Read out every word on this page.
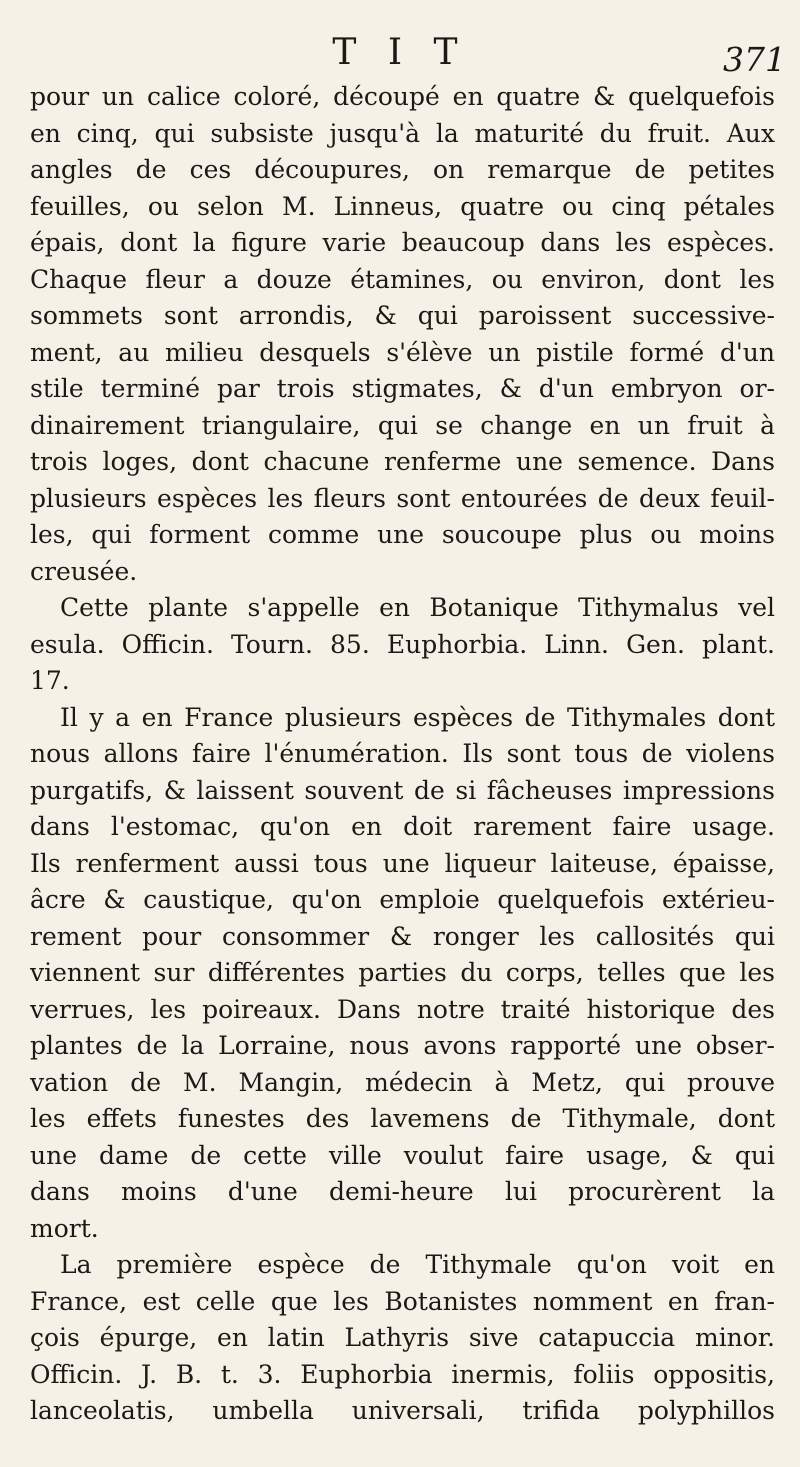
T I T	371
pour un calice coloré, découpé en quatre & quelquefois
en cinq, qui subsiste jusqu'à la maturité du fruit. Aux
angles de ces découpures, on remarque de petites
feuilles, ou selon M. Linneus, quatre ou cinq pétales
épais, dont la figure varie beaucoup dans les espèces.
Chaque fleur a douze étamines, ou environ, dont les
sommets sont arrondis, & qui paroissent successive-
ment, au milieu desquels s'élève un pistile formé d'un
stile terminé par trois stigmates, & d'un embryon or-
dinairement triangulaire, qui se change en un fruit à
trois loges, dont chacune renferme une semence. Dans
plusieurs espèces les fleurs sont entourées de deux feuil-
les, qui forment comme une soucoupe plus ou moins
creusée.
Cette plante s'appelle en Botanique Tithymalus vel
esula. Officin. Tourn. 85. Euphorbia. Linn. Gen. plant.
17.
Il y a en France plusieurs espèces de Tithymales dont
nous allons faire l'énumération. Ils sont tous de violens
purgatifs, & laissent souvent de si fâcheuses impressions
dans l'estomac, qu'on en doit rarement faire usage.
Ils renferment aussi tous une liqueur laiteuse, épaisse,
âcre & caustique, qu'on emploie quelquefois extérieu-
rement pour consommer & ronger les callosités qui
viennent sur différentes parties du corps, telles que les
verrues, les poireaux. Dans notre traité historique des
plantes de la Lorraine, nous avons rapporté une obser-
vation de M. Mangin, médecin à Metz, qui prouve
les effets funestes des lavemens de Tithymale, dont
une dame de cette ville voulut faire usage, & qui
dans moins d'une demi-heure lui procurèrent la
mort.
La première espèce de Tithymale qu'on voit en
France, est celle que les Botanistes nomment en fran-
çois épurge, en latin Lathyris sive catapuccia minor.
Officin. J. B. t. 3. Euphorbia inermis, foliis oppositis,
lanceolatis, umbella universali, trifida polyphillos
